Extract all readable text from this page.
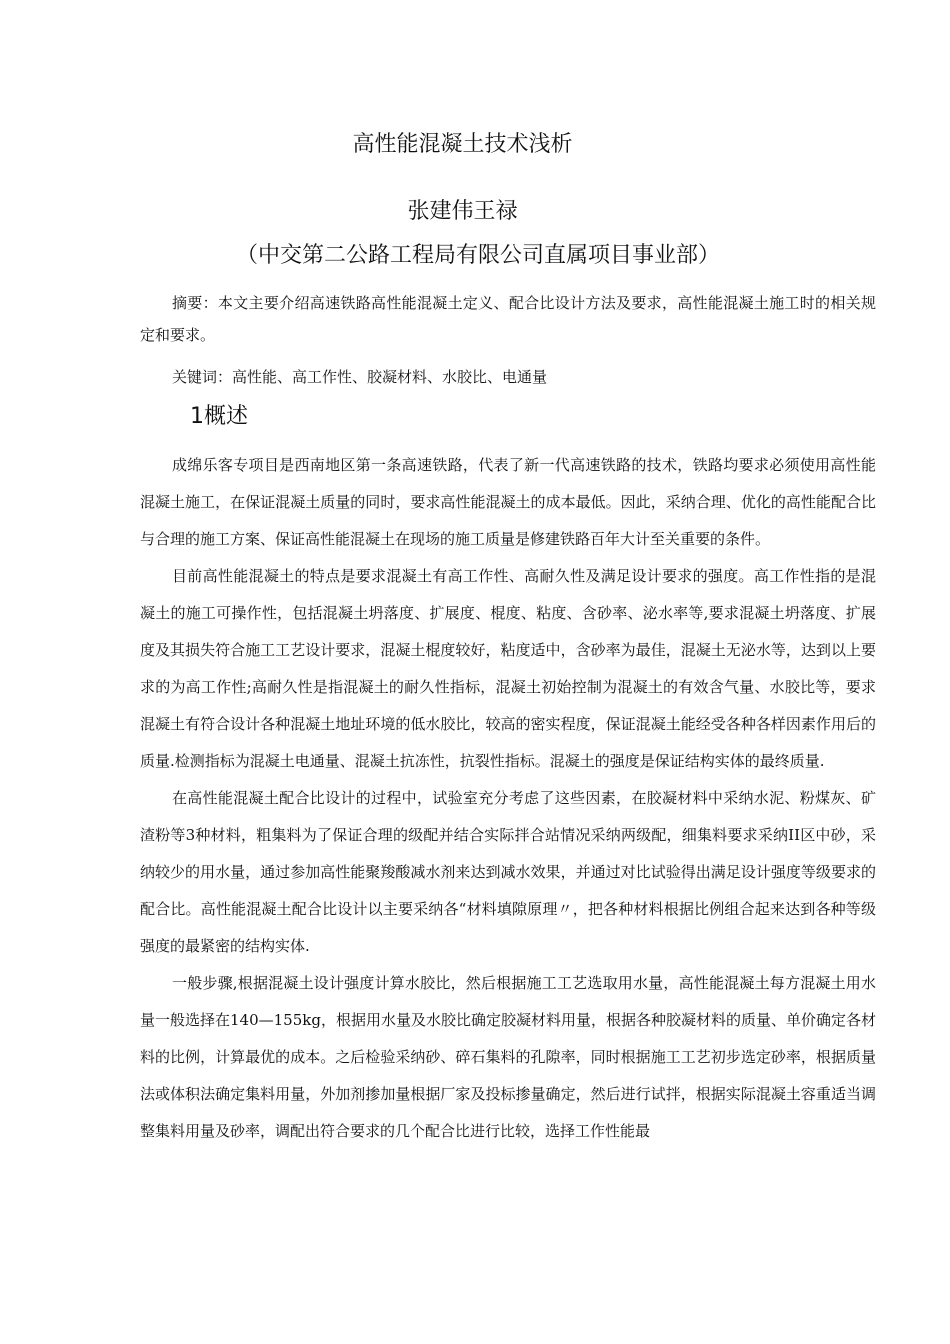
高性能混凝土技术浅析
张建伟王禄
（中交第二公路工程局有限公司直属项目事业部）
摘要：本文主要介绍高速铁路高性能混凝土定义、配合比设计方法及要求，高性能混凝土施工时的相关规定和要求。
关键词：高性能、高工作性、胶凝材料、水胶比、电通量
1概述

成绵乐客专项目是西南地区第一条高速铁路，代表了新一代高速铁路的技术，铁路均要求必须使用高性能混凝土施工，在保证混凝土质量的同时，要求高性能混凝土的成本最低。因此，采纳合理、优化的高性能配合比与合理的施工方案、保证高性能混凝土在现场的施工质量是修建铁路百年大计至关重要的条件。

目前高性能混凝土的特点是要求混凝土有高工作性、高耐久性及满足设计要求的强度。高工作性指的是混凝土的施工可操作性，包括混凝土坍落度、扩展度、棍度、粘度、含砂率、泌水率等,要求混凝土坍落度、扩展度及其损失符合施工工艺设计要求，混凝土棍度较好，粘度适中，含砂率为最佳，混凝土无泌水等，达到以上要求的为高工作性;高耐久性是指混凝土的耐久性指标，混凝土初始控制为混凝土的有效含气量、水胶比等，要求混凝土有符合设计各种混凝土地址环境的低水胶比，较高的密实程度，保证混凝土能经受各种各样因素作用后的质量.检测指标为混凝土电通量、混凝土抗冻性，抗裂性指标。混凝土的强度是保证结构实体的最终质量.

在高性能混凝土配合比设计的过程中，试验室充分考虑了这些因素，在胶凝材料中采纳水泥、粉煤灰、矿渣粉等3种材料，粗集料为了保证合理的级配并结合实际拌合站情况采纳两级配，细集料要求采纳II区中砂，采纳较少的用水量，通过参加高性能聚羧酸减水剂来达到减水效果，并通过对比试验得出满足设计强度等级要求的配合比。高性能混凝土配合比设计以主要采纳各“材料填隙原理〃，把各种材料根据比例组合起来达到各种等级强度的最紧密的结构实体.

一般步骤,根据混凝土设计强度计算水胶比，然后根据施工工艺选取用水量，高性能混凝土每方混凝土用水量一般选择在140—155kg，根据用水量及水胶比确定胶凝材料用量，根据各种胶凝材料的质量、单价确定各材料的比例，计算最优的成本。之后检验采纳砂、碎石集料的孔隙率，同时根据施工工艺初步选定砂率，根据质量法或体积法确定集料用量，外加剂掺加量根据厂家及投标掺量确定，然后进行试拌，根据实际混凝土容重适当调整集料用量及砂率，调配出符合要求的几个配合比进行比较，选择工作性能最
